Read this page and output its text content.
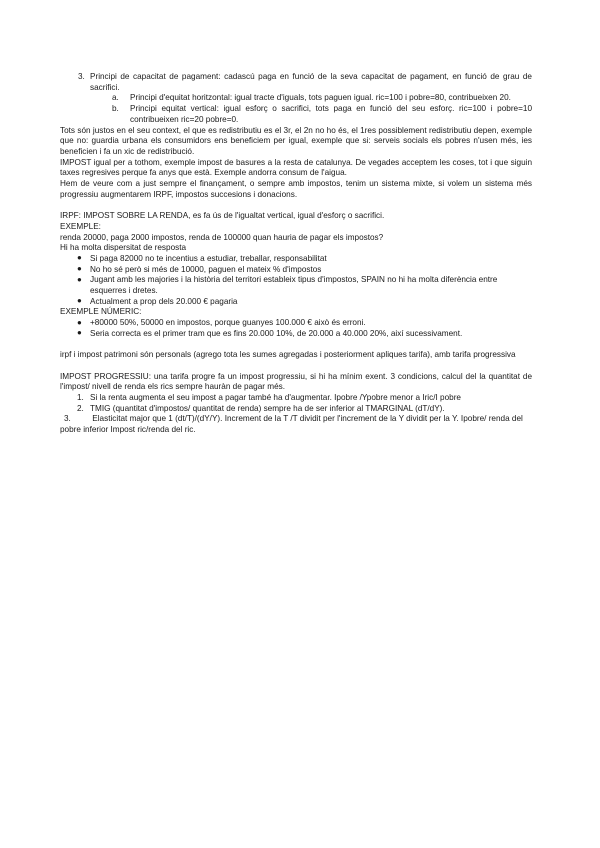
3. Principi de capacitat de pagament: cadascú paga en funció de la seva capacitat de pagament, en funció de grau de sacrifici.

a. Principi d'equitat horitzontal: igual tracte d'iguals, tots paguen igual. ric=100 i pobre=80, contribueixen 20.

b. Principi equitat vertical: igual esforç o sacrifici, tots paga en funció del seu esforç. ric=100 i pobre=10 contribueixen ric=20 pobre=0.

Tots són justos en el seu context, el que es redistributiu es el 3r, el 2n no ho és, el 1res possiblement redistributiu depen, exemple que no: guardia urbana els consumidors ens beneficiem per igual, exemple que si: serveis socials els pobres n'usen més, ies beneficien i fa un xic de redistribució.

IMPOST igual per a tothom, exemple impost de basures a la resta de catalunya. De vegades acceptem les coses, tot i que siguin taxes regresives perque fa anys que està. Exemple andorra consum de l'aigua.

Hem de veure com a just sempre el finançament, o sempre amb impostos, tenim un sistema mixte, si volem un sistema més progressiu augmentarem IRPF, impostos succesions i donacions.

IRPF: IMPOST SOBRE LA RENDA, es fa ús de l'igualtat vertical, igual d'esforç o sacrifici.

EXEMPLE:

renda 20000, paga 2000 impostos, renda de 100000 quan hauria de pagar els impostos?

Hi ha molta dispersitat de resposta

● Si paga 82000 no te incentius a estudiar, treballar, responsabilitat

● No ho sé però si més de 10000, paguen el mateix % d'impostos

● Jugant amb les majories i la història del territori estableix tipus d'impostos, SPAIN no hi ha molta diferència entre esquerres i dretes.

● Actualment a prop dels 20.000 € pagaria

EXEMPLE NÚMERIC:

● +80000 50%, 50000 en impostos, porque guanyes 100.000 € això és erroni.

● Seria correcta es el primer tram que es fins 20.000 10%, de 20.000 a 40.000 20%, així sucessivament.

irpf i impost patrimoni són personals (agrego tota les sumes agregadas i posteriorment apliques tarifa), amb tarifa progressiva

IMPOST PROGRESSIU: una tarifa progre fa un impost progressiu, si hi ha mínim exent. 3 condicions, calcul del la quantitat de l'impost/ nivell de renda els rics sempre hauràn de pagar més.

1. Si la renta augmenta el seu impost a pagar també ha d'augmentar. Ipobre /Ypobre menor a Iric/I pobre

2. TMIG (quantitat d'impostos/ quantitat de renda) sempre ha de ser inferior al TMARGINAL (dT/dY).

3.	Elasticitat major que 1 (dt/T)/(dY/Y). Increment de la T /T dividit per l'increment de la Y dividit per la Y. Ipobre/ renda del pobre inferior Impost ric/renda del ric.
